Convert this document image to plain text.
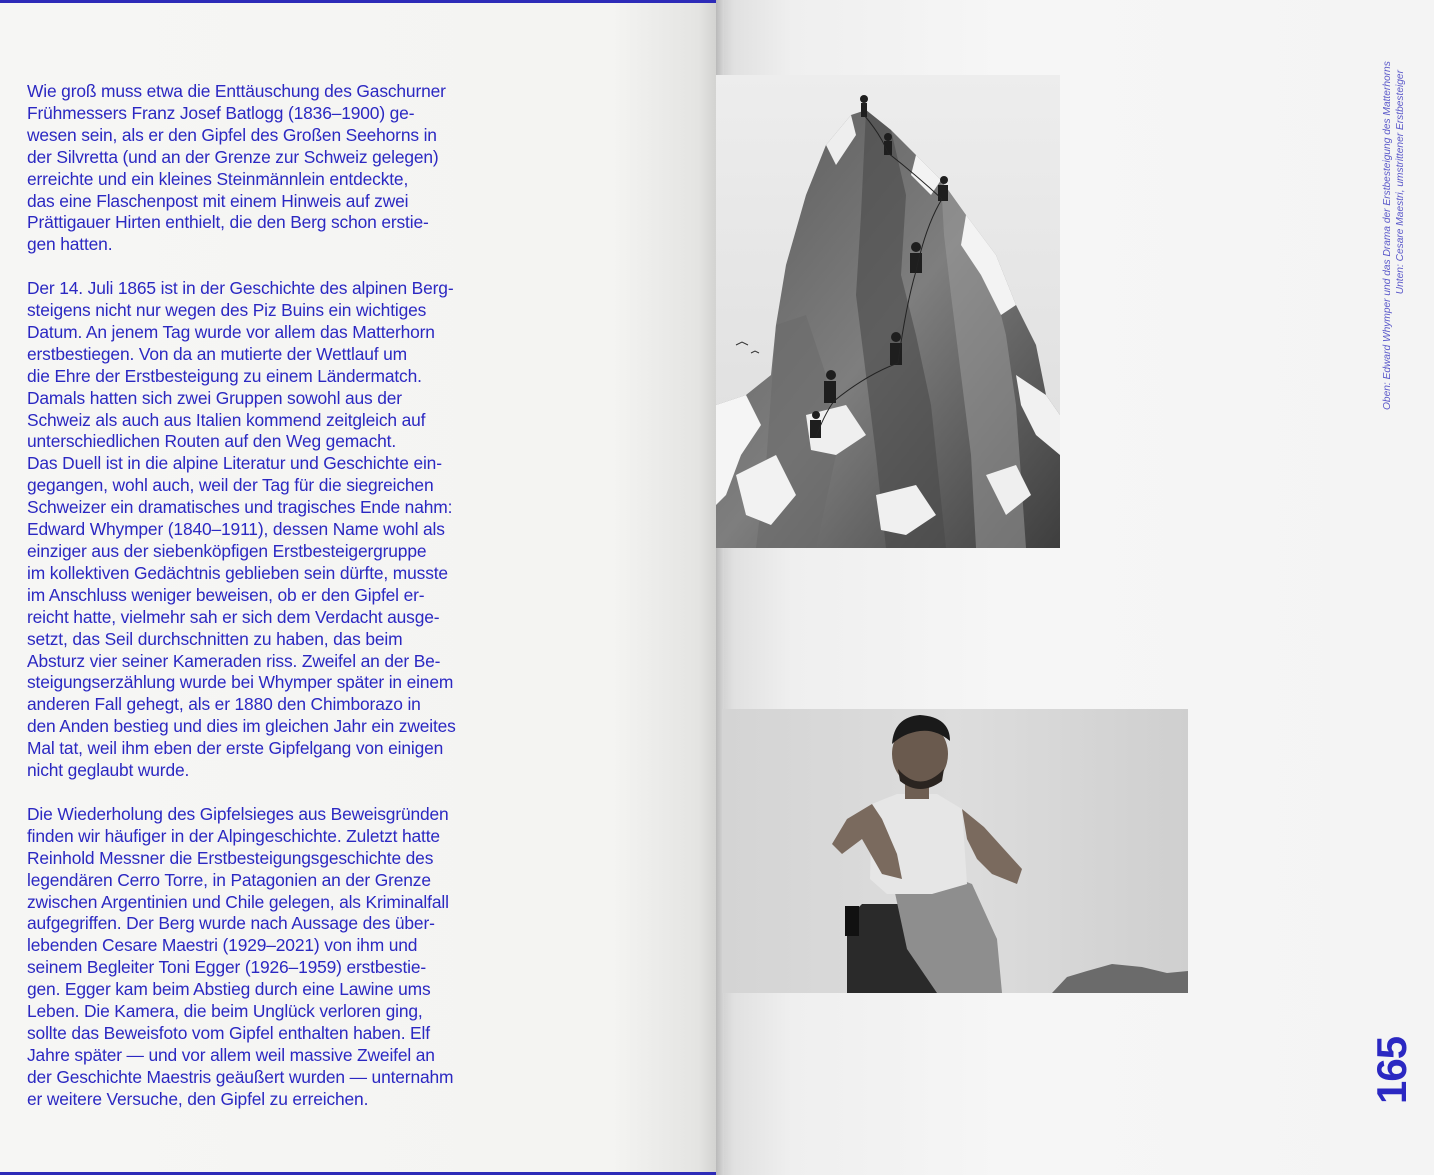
Wie groß muss etwa die Enttäuschung des Gaschurner
Frühmessers Franz Josef Batlogg (1836–1900) ge-
wesen sein, als er den Gipfel des Großen Seehorns in
der Silvretta (und an der Grenze zur Schweiz gelegen)
erreichte und ein kleines Steinmännlein entdeckte,
das eine Flaschenpost mit einem Hinweis auf zwei
Prättigauer Hirten enthielt, die den Berg schon erstie-
gen hatten.

Der 14. Juli 1865 ist in der Geschichte des alpinen Berg-
steigens nicht nur wegen des Piz Buins ein wichtiges
Datum. An jenem Tag wurde vor allem das Matterhorn
erstbestiegen. Von da an mutierte der Wettlauf um
die Ehre der Erstbesteigung zu einem Ländermatch.
Damals hatten sich zwei Gruppen sowohl aus der
Schweiz als auch aus Italien kommend zeitgleich auf
unterschiedlichen Routen auf den Weg gemacht.

Das Duell ist in die alpine Literatur und Geschichte ein-
gegangen, wohl auch, weil der Tag für die siegreichen
Schweizer ein dramatisches und tragisches Ende nahm:
Edward Whymper (1840–1911), dessen Name wohl als
einziger aus der siebenköpfigen Erstbesteigergruppe
im kollektiven Gedächtnis geblieben sein dürfte, musste
im Anschluss weniger beweisen, ob er den Gipfel er-
reicht hatte, vielmehr sah er sich dem Verdacht ausge-
setzt, das Seil durchschnitten zu haben, das beim
Absturz vier seiner Kameraden riss. Zweifel an der Be-
steigungserzählung wurde bei Whymper später in einem
anderen Fall gehegt, als er 1880 den Chimborazo in
den Anden bestieg und dies im gleichen Jahr ein zweites
Mal tat, weil ihm eben der erste Gipfelgang von einigen
nicht geglaubt wurde.

Die Wiederholung des Gipfelsieges aus Beweisgründen
finden wir häufiger in der Alpingeschichte. Zuletzt hatte
Reinhold Messner die Erstbesteigungsgeschichte des
legendären Cerro Torre, in Patagonien an der Grenze
zwischen Argentinien und Chile gelegen, als Kriminalfall
aufgegriffen. Der Berg wurde nach Aussage des über-
lebenden Cesare Maestri (1929–2021) von ihm und
seinem Begleiter Toni Egger (1926–1959) erstbestie-
gen. Egger kam beim Abstieg durch eine Lawine ums
Leben. Die Kamera, die beim Unglück verloren ging,
sollte das Beweisfoto vom Gipfel enthalten haben. Elf
Jahre später — und vor allem weil massive Zweifel an
der Geschichte Maestris geäußert wurden — unternahm
er weitere Versuche, den Gipfel zu erreichen.

Oben: Edward Whymper und das Drama der Erstbesteigung des Matterhorns Unten: Cesare Maestri, umstrittener Erstbesteiger
165
